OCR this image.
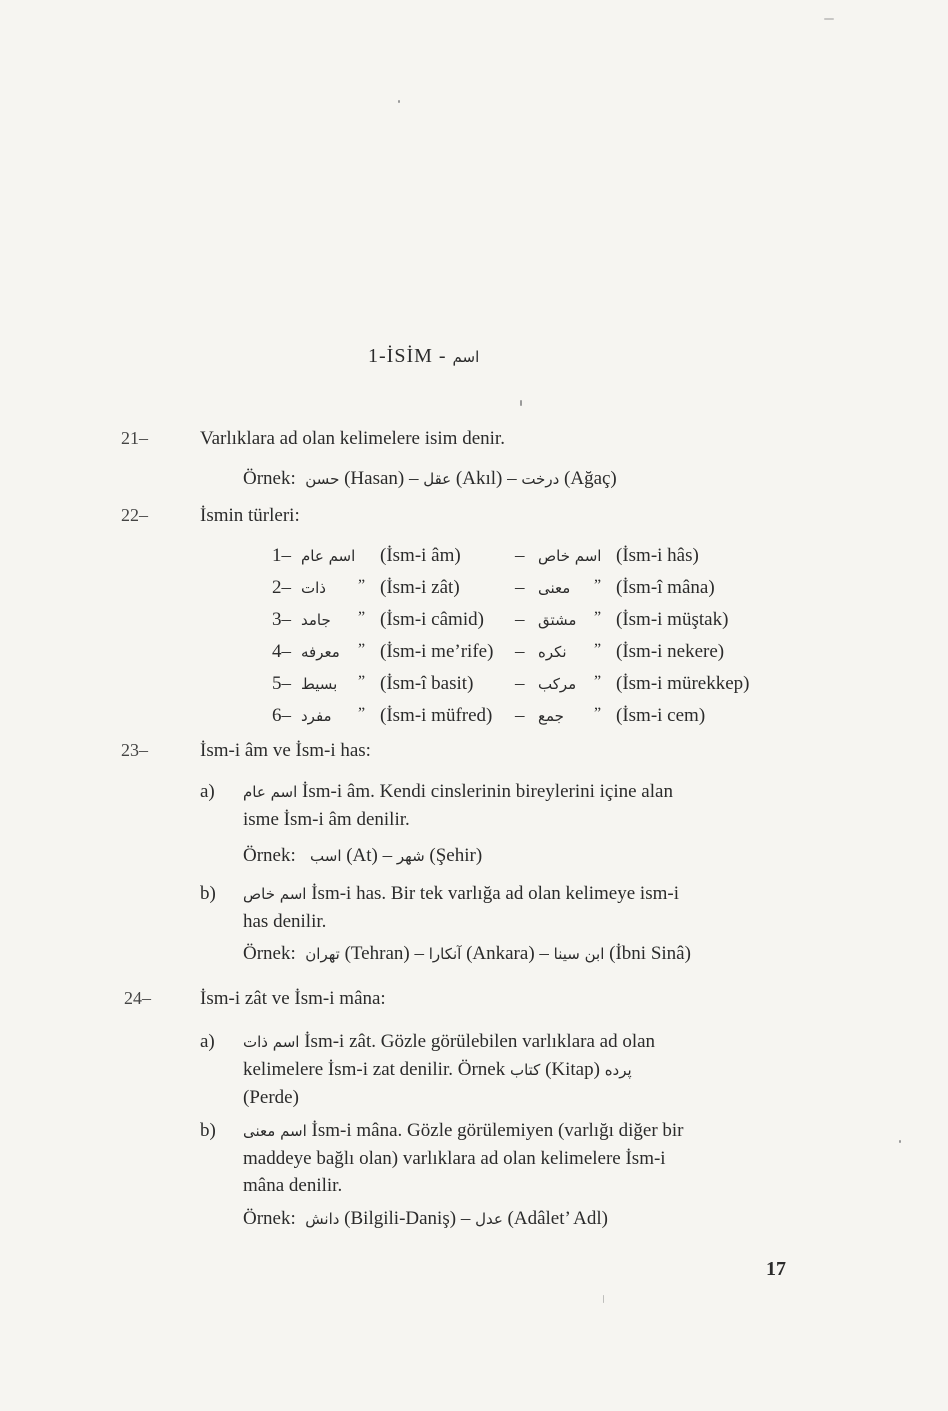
1-İSİM - اسم
21–	Varlıklara ad olan kelimelere isim denir.
Örnek: حسن (Hasan) – عقل (Akıl) – درخت (Ağaç)
22–	İsmin türleri:
1– اسم عام (İsm-i âm)	– اسم خاص (İsm-i hâs)
2– ذات ” (İsm-i zât)	– معنى ” (İsm-î mâna)
3– جامد ” (İsm-i câmid) – مشتق ” (İsm-i müştak)
4– معرفه ” (İsm-i me’rife) – نكره ” (İsm-i nekere)
5– بسيط ” (İsm-î basit) – مركب ” (İsm-i mürekkep)
6– مفرد ” (İsm-i müfred) – جمع ” (İsm-i cem)
23–	İsm-i âm ve İsm-i has:
a) اسم عام İsm-i âm. Kendi cinslerinin bireylerini içine alan
isme İsm-i âm denilir.
Örnek: اسب (At) – شهر (Şehir)
b) اسم خاص İsm-i has. Bir tek varlığa ad olan kelimeye ism-i
has denilir.
Örnek: تهران (Tehran) – آنكارا (Ankara) – ابن سينا (İbni Sinâ)
24–	İsm-i zât ve İsm-i mâna:
a) اسم ذات İsm-i zât. Gözle görülebilen varlıklara ad olan
kelimelere İsm-i zat denilir. Örnek كتاب (Kitap) پرده
(Perde)
b) اسم معنى İsm-i mâna. Gözle görülemiyen (varlığı diğer bir
maddeye bağlı olan) varlıklara ad olan kelimelere İsm-i
mâna denilir.
Örnek: دانش (Bilgili-Daniş) – عدل (Adâlet’ Adl)
17
